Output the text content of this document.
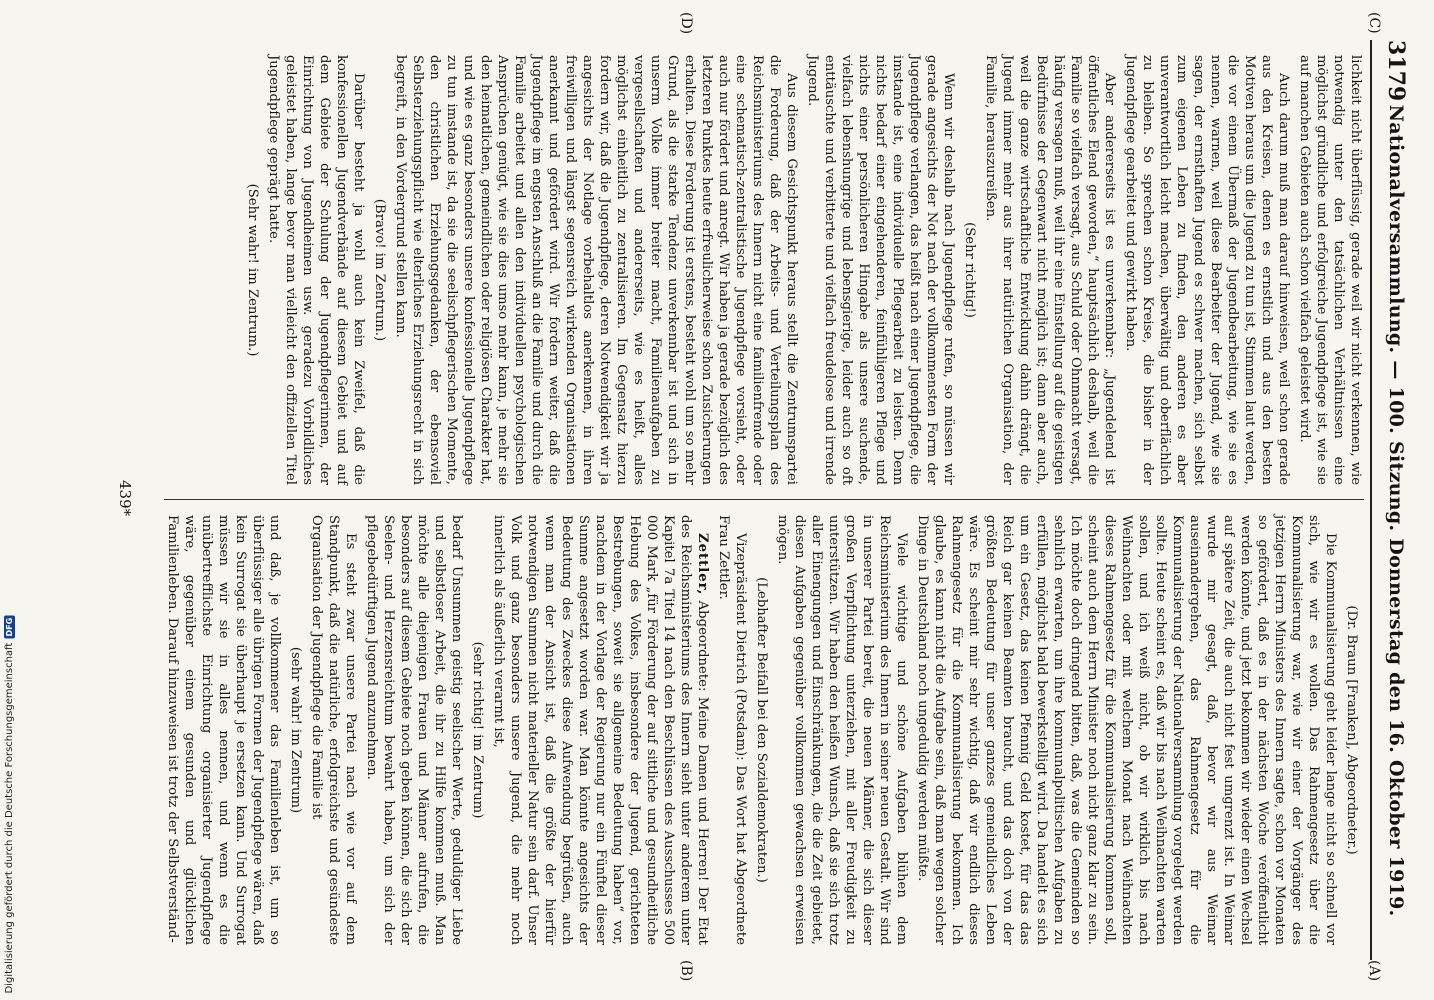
3179
Nationalversammlung. — 100. Sitzung. Donnerstag den 16. Oktober 1919.
(C)
(A)
(D)
(B)

lichkeit nicht überflüssig, gerade weil wir nicht verkennen, wie notwendig unter den tatsächlichen Verhältnissen eine möglichst gründliche und erfolgreiche Jugendpflege ist, wie sie auf manchen Gebieten auch schon vielfach geleistet wird.

Auch darum muß man darauf hinweisen, weil schon gerade aus den Kreisen, denen es ernstlich und aus den besten Motiven heraus um die Jugend zu tun ist, Stimmen laut werden, die vor einem Übermaß der Jugendbearbeitung, wie sie es nennen, warnen, weil diese Bearbeiter der Jugend, wie sie sagen, der ernsthaften Jugend es schwer machen, sich selbst zum eigenen Leben zu finden, den anderen es aber unverantwortlich leicht machen, überwältig und oberflächlich zu bleiben. So sprechen schon Kreise, die bisher in der Jugendpflege gearbeitet und gewirkt haben.

Aber andererseits ist es unverkennbar: „Jugendelend ist öffentliches Elend geworden,“ hauptsächlich deshalb, weil die Familie so vielfach versagt, aus Schuld oder Ohnmacht versagt, häufig versagen muß, weil ihr eine Einstellung auf die geistigen Bedürfnisse der Gegenwart nicht möglich ist; dann aber auch, weil die ganze wirtschaftliche Entwicklung dahin drängt, die Jugend immer mehr aus ihrer natürlichen Organisation, der Familie, herauszureißen.

(Sehr richtig!)

Wenn wir deshalb nach Jugendpflege rufen, so müssen wir gerade angesichts der Not nach der vollkommensten Form der Jugendpflege verlangen, das heißt nach einer Jugendpflege, die imstande ist, eine individuelle Pflegearbeit zu leisten. Denn nichts bedarf einer eingehenderen, feinfühligeren Pflege und nichts einer persönlicheren Hingabe als unsere suchende, vielfach lebenshungrige und lebensgierige, leider auch so oft enttäuschte und verbitterte und vielfach freudelose und irrende Jugend.

Aus diesem Gesichtspunkt heraus stellt die Zentrumspartei die Forderung, daß der Arbeits- und Verteilungsplan des Reichsministeriums des Innern nicht eine familienfremde oder eine schematisch-zentralistische Jugendpflege vorsieht, oder auch nur fördert und anregt. Wir haben ja gerade bezüglich des letzteren Punktes heute erfreulicherweise schon Zusicherungen erhalten. Diese Forderung ist erstens, besteht wohl um so mehr Grund, als die starke Tendenz unverkennbar ist und sich in unserm Volke immer breiter macht, Familienaufgaben zu vergesellschaften und andererseits, wie es heißt, alles möglichst einheitlich zu zentralisieren. Im Gegensatz hierzu fordern wir, daß die Jugendpflege, deren Notwendigkeit wir ja angesichts der Notlage vorbehaltlos anerkennen, in ihren freiwilligen und längst segensreich wirkenden Organisationen anerkannt und gefördert wird. Wir fordern weiter, daß die Jugendpflege im engsten Anschluß an die Familie und durch die Familie arbeitet und allen den individuellen psychologischen Ansprüchen genügt, wie sie dies umso mehr kann, je mehr sie den heimatlichen, gemeindlichen oder religiösen Charakter hat, und wie es ganz besonders unsere konfessionelle Jugendpflege zu tun imstande ist, da sie die seelischpflegerischen Momente, den christlichen Erziehungsgedanken, der ebensoviel Selbsterziehungspflicht wie elterliches Erziehungsrecht in sich begreift, in den Vordergrund stellen kann.

(Bravo! im Zentrum.)

Darüber besteht ja wohl auch kein Zweifel, daß die konfessionellen Jugendverbände auf diesem Gebiet und auf dem Gebiete der Schulung der Jugendpflegerinnen, der Einrichtung von Jugendheimen usw. geradezu Vorbildliches geleistet haben, lange bevor man vielleicht den offiziellen Titel Jugendpflege geprägt hatte.

(Sehr wahr! im Zentrum.)

(Dr. Braun [Franken], Abgeordneter.)

Die Kommunalisierung geht leider lange nicht so schnell vor sich, wie wir es wollen. Das Rahmengesetz über die Kommunalisierung war, wie wir einer der Vorgänger des jetzigen Herrn Ministers des Innern sagte, schon vor Monaten so gefördert, daß es in der nächsten Woche veröffentlicht werden könnte, und jetzt bekommen wir wieder einen Wechsel auf spätere Zeit, die auch nicht fest umgrenzt ist. In Weimar wurde mir gesagt, daß, bevor wir aus Weimar auseinandergehen, das Rahmengesetz für die Kommunalisierung der Nationalversammlung vorgelegt werden sollte. Heute scheint es, daß wir bis nach Weihnachten warten sollen, und ich weiß nicht, ob wir wirklich bis nach Weihnachten oder mit welchem Monat nach Weihnachten dieses Rahmengesetz für die Kommunalisierung kommen soll, scheint auch dem Herrn Minister noch nicht ganz klar zu sein. Ich möchte doch dringend bitten, daß, was die Gemeinden so sehnlich erwarten, um ihre kommunalpolitischen Aufgaben zu erfüllen, möglichst bald bewerkstelligt wird. Da handelt es sich um ein Gesetz, das keinen Pfennig Geld kostet, für das das Reich gar keinen Beamten braucht, und das doch von der größten Bedeutung für unser ganzes gemeindliches Leben wäre. Es scheint mir sehr wichtig, daß wir endlich dieses Rahmengesetz für die Kommunalisierung bekommen. Ich glaube, es kann nicht die Aufgabe sein, daß man wegen solcher Dinge in Deutschland noch ungeduldig werden müßte.

Viele wichtige und schöne Aufgaben blühen dem Reichsministerium des Innern in seiner neuen Gestalt. Wir sind in unserer Partei bereit, die neuen Männer, die sich dieser großen Verpflichtung unterziehen, mit aller Freudigkeit zu unterstützen. Wir haben den heißen Wunsch, daß sie sich trotz aller Einengungen und Einschränkungen, die die Zeit gebietet, diesen Aufgaben gegenüber vollkommen gewachsen erweisen mögen.

(Lebhafter Beifall bei den Sozialdemokraten.)

Vizepräsident Dietrich (Potsdam): Das Wort hat Abgeordnete Frau Zettler.

Zettler, Abgeordnete: Meine Damen und Herren! Der Etat des Reichsministeriums des Innern sieht unter anderem unter Kapitel 7a Titel 14 nach den Beschlüssen des Ausschusses 500 000 Mark „für Förderung der auf sittliche und gesundheitliche Hebung des Volkes, insbesondere der Jugend, gerichteten Bestrebungen, soweit sie allgemeine Bedeutung haben“ vor, nachdem in der Vorlage der Regierung nur ein Fünftel dieser Summe angesetzt worden war. Man könnte angesichts der Bedeutung des Zweckes diese Aufwendung begrüßen, auch wenn man der Ansicht ist, daß die größte der hierfür notwendigen Summen nicht materieller Natur sein darf. Unser Volk und ganz besonders unsere Jugend, die mehr noch innerlich als äußerlich verarmt ist,

(sehr richtig! im Zentrum)

bedarf Unsummen geistig seelischer Werte, geduldiger Liebe und selbstloser Arbeit, die ihr zu Hilfe kommen muß. Man möchte alle diejenigen Frauen und Männer aufrufen, die besonders auf diesem Gebiete noch geben können, die sich der Seelen- und Herzensreichtum bewahrt haben, um sich der pflegebedürftigen Jugend anzunehmen.

Es steht zwar unsere Partei nach wie vor auf dem Standpunkt, daß die natürliche, erfolgreichste und gesündeste Organisation der Jugendpflege die Familie ist

(sehr wahr! im Zentrum)

und daß, je vollkommener das Familienleben ist, um so überflüssiger alle übrigen Formen der Jugendpflege wären, daß kein Surrogat sie überhaupt je ersetzen kann. Und Surrogat müssen wir sie in alles nennen, und wenn es die unübertrefflichste Einrichtung organisierter Jugendpflege wäre, gegenüber einem gesunden und glücklichen Familienleben. Darauf hinzuweisen ist trotz der Selbstverständ-

439*
Digitalisierung gefördert durch die Deutsche Forschungsgemeinschaft
DFG
